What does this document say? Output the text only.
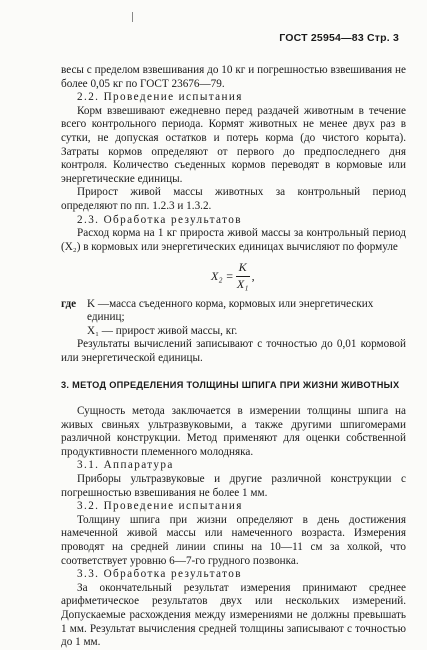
ГОСТ 25954—83 Стр. 3

весы с пределом взвешивания до 10 кг и погрешностью взвешивания не более 0,05 кг по ГОСТ 23676—79.

2.2. Проведение испытания

Корм взвешивают ежедневно перед раздачей животным в течение всего контрольного периода. Кормят животных не менее двух раз в сутки, не допуская остатков и потерь корма (до чистого корыта). Затраты кормов определяют от первого до предпоследнего дня контроля. Количество съеденных кормов переводят в кормовые или энергетические единицы.

Прирост живой массы животных за контрольный период определяют по пп. 1.2.3 и 1.3.2.

2.3. Обработка результатов

Расход корма на 1 кг прироста живой массы за контрольный период (X₂) в кормовых или энергетических единицах вычисляют по формуле

$X_2 = \frac{K}{\text{X₁}}$ ,
где K —масса съеденного корма, кормовых или энергетических единиц;
X₁ — прирост живой массы, кг.

Результаты вычислений записывают с точностью до 0,01 кормовой или энергетической единицы.

3. МЕТОД ОПРЕДЕЛЕНИЯ ТОЛЩИНЫ ШПИГА ПРИ ЖИЗНИ ЖИВОТНЫХ

Сущность метода заключается в измерении толщины шпига на живых свиньях ультразвуковыми, а также другими шпигомерами различной конструкции. Метод применяют для оценки собственной продуктивности племенного молодняка.

3.1. Аппаратура

Приборы ультразвуковые и другие различной конструкции с погрешностью взвешивания не более 1 мм.

3.2. Проведение испытания

Толщину шпига при жизни определяют в день достижения намеченной живой массы или намеченного возраста. Измерения проводят на средней линии спины на 10—11 см за холкой, что соответствует уровню 6—7-го грудного позвонка.

3.3. Обработка результатов

За окончательный результат измерения принимают среднее арифметическое результатов двух или нескольких измерений. Допускаемые расхождения между измерениями не должны превышать 1 мм. Результат вычисления средней толщины записывают с точностью до 1 мм.
